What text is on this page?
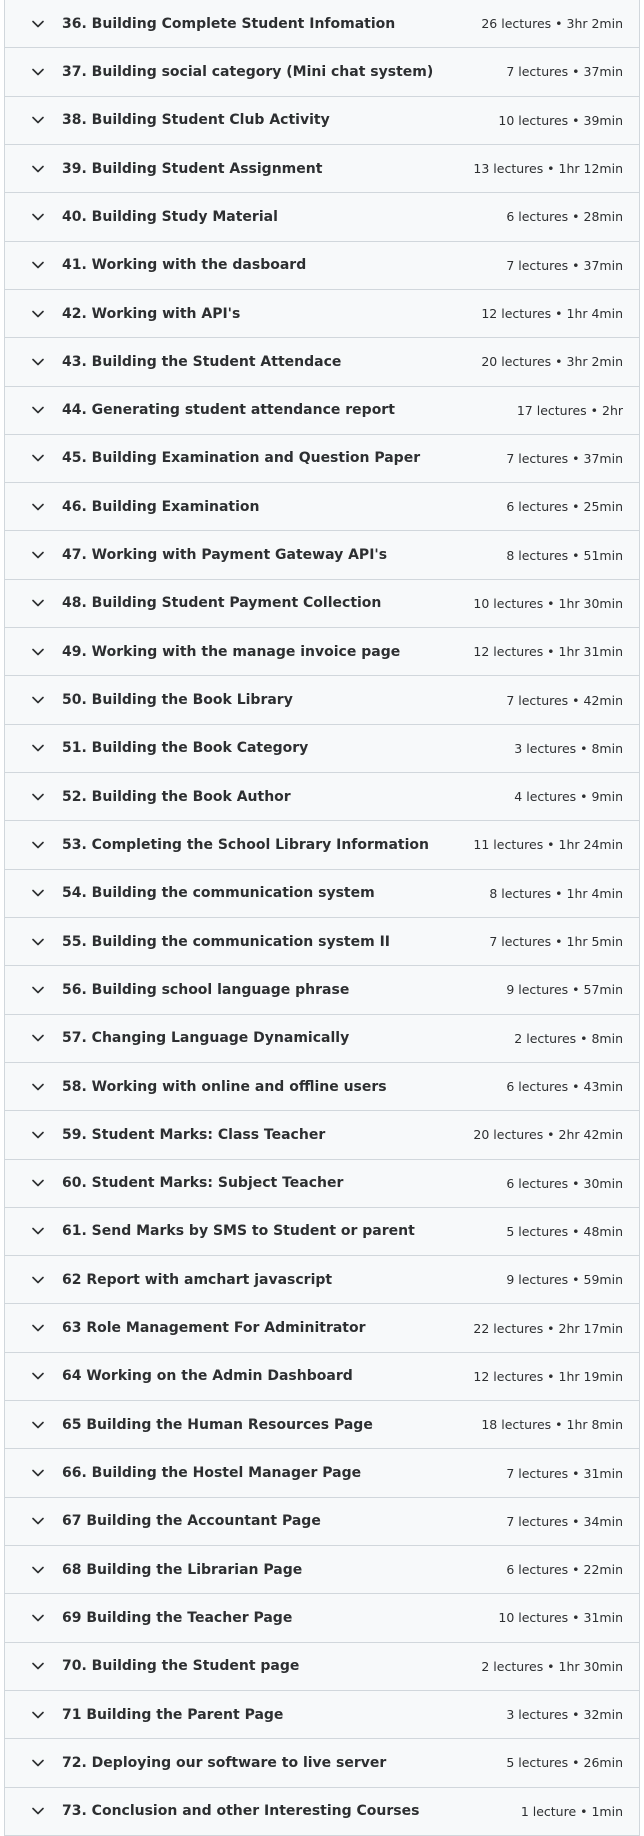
36. Building Complete Student Infomation	26 lectures • 3hr 2min
37. Building social category (Mini chat system)	7 lectures • 37min
38. Building Student Club Activity	10 lectures • 39min
39. Building Student Assignment	13 lectures • 1hr 12min
40. Building Study Material	6 lectures • 28min
41. Working with the dasboard	7 lectures • 37min
42. Working with API's	12 lectures • 1hr 4min
43. Building the Student Attendace	20 lectures • 3hr 2min
44. Generating student attendance report	17 lectures • 2hr
45. Building Examination and Question Paper	7 lectures • 37min
46. Building Examination	6 lectures • 25min
47. Working with Payment Gateway API's	8 lectures • 51min
48. Building Student Payment Collection	10 lectures • 1hr 30min
49. Working with the manage invoice page	12 lectures • 1hr 31min
50. Building the Book Library	7 lectures • 42min
51. Building the Book Category	3 lectures • 8min
52. Building the Book Author	4 lectures • 9min
53. Completing the School Library Information	11 lectures • 1hr 24min
54. Building the communication system	8 lectures • 1hr 4min
55. Building the communication system II	7 lectures • 1hr 5min
56. Building school language phrase	9 lectures • 57min
57. Changing Language Dynamically	2 lectures • 8min
58. Working with online and offline users	6 lectures • 43min
59. Student Marks: Class Teacher	20 lectures • 2hr 42min
60. Student Marks: Subject Teacher	6 lectures • 30min
61. Send Marks by SMS to Student or parent	5 lectures • 48min
62 Report with amchart javascript	9 lectures • 59min
63 Role Management For Adminitrator	22 lectures • 2hr 17min
64 Working on the Admin Dashboard	12 lectures • 1hr 19min
65 Building the Human Resources Page	18 lectures • 1hr 8min
66. Building the Hostel Manager Page	7 lectures • 31min
67 Building the Accountant Page	7 lectures • 34min
68 Building the Librarian Page	6 lectures • 22min
69 Building the Teacher Page	10 lectures • 31min
70. Building the Student page	2 lectures • 1hr 30min
71 Building the Parent Page	3 lectures • 32min
72. Deploying our software to live server	5 lectures • 26min
73. Conclusion and other Interesting Courses	1 lecture • 1min
